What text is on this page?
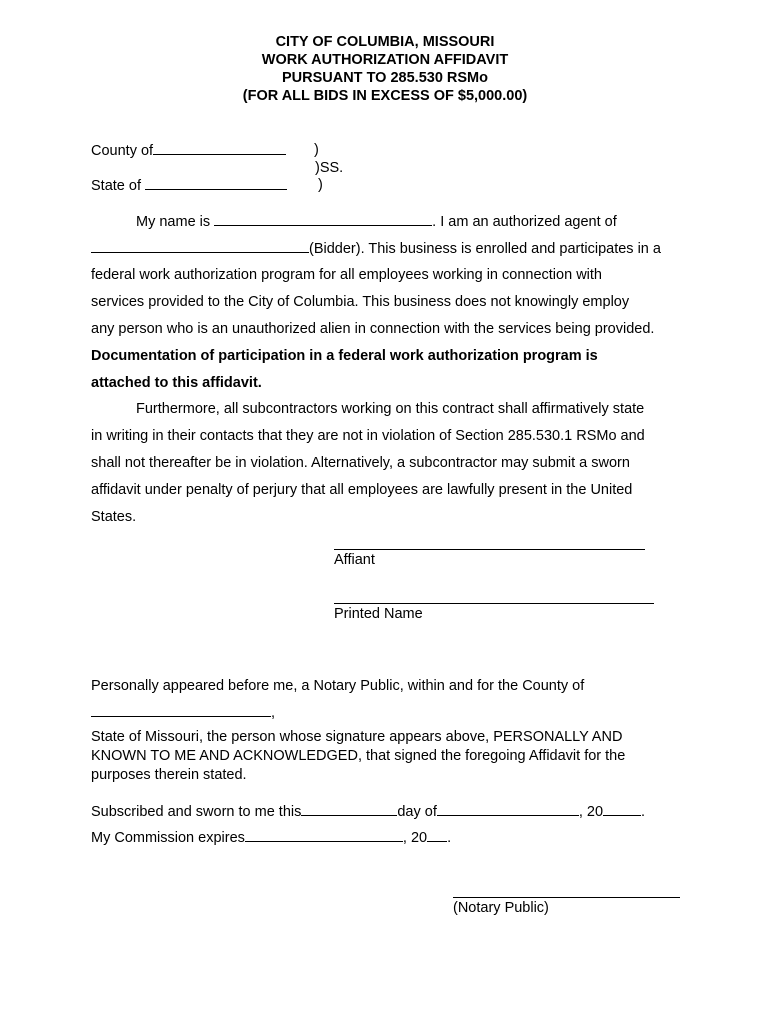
CITY OF COLUMBIA, MISSOURI
WORK AUTHORIZATION AFFIDAVIT
PURSUANT TO 285.530 RSMo
(FOR ALL BIDS IN EXCESS OF $5,000.00)
County of	)
)SS.
State of	)
My name is	. I am an authorized agent of
(Bidder). This business is enrolled and participates in a
federal work authorization program for all employees working in connection with
services provided to the City of Columbia. This business does not knowingly employ
any person who is an unauthorized alien in connection with the services being provided.
Documentation of participation in a federal work authorization program is
attached to this affidavit.
Furthermore, all subcontractors working on this contract shall affirmatively state
in writing in their contacts that they are not in violation of Section 285.530.1 RSMo and
shall not thereafter be in violation. Alternatively, a subcontractor may submit a sworn
affidavit under penalty of perjury that all employees are lawfully present in the United
States.
Affiant
Printed Name
Personally appeared before me, a Notary Public, within and for the County of
,
State of Missouri, the person whose signature appears above, PERSONALLY AND
KNOWN TO ME AND ACKNOWLEDGED, that signed the foregoing Affidavit for the
purposes therein stated.
Subscribed and sworn to me this	day of	, 20	.
My Commission expires	, 20 .
(Notary Public)
